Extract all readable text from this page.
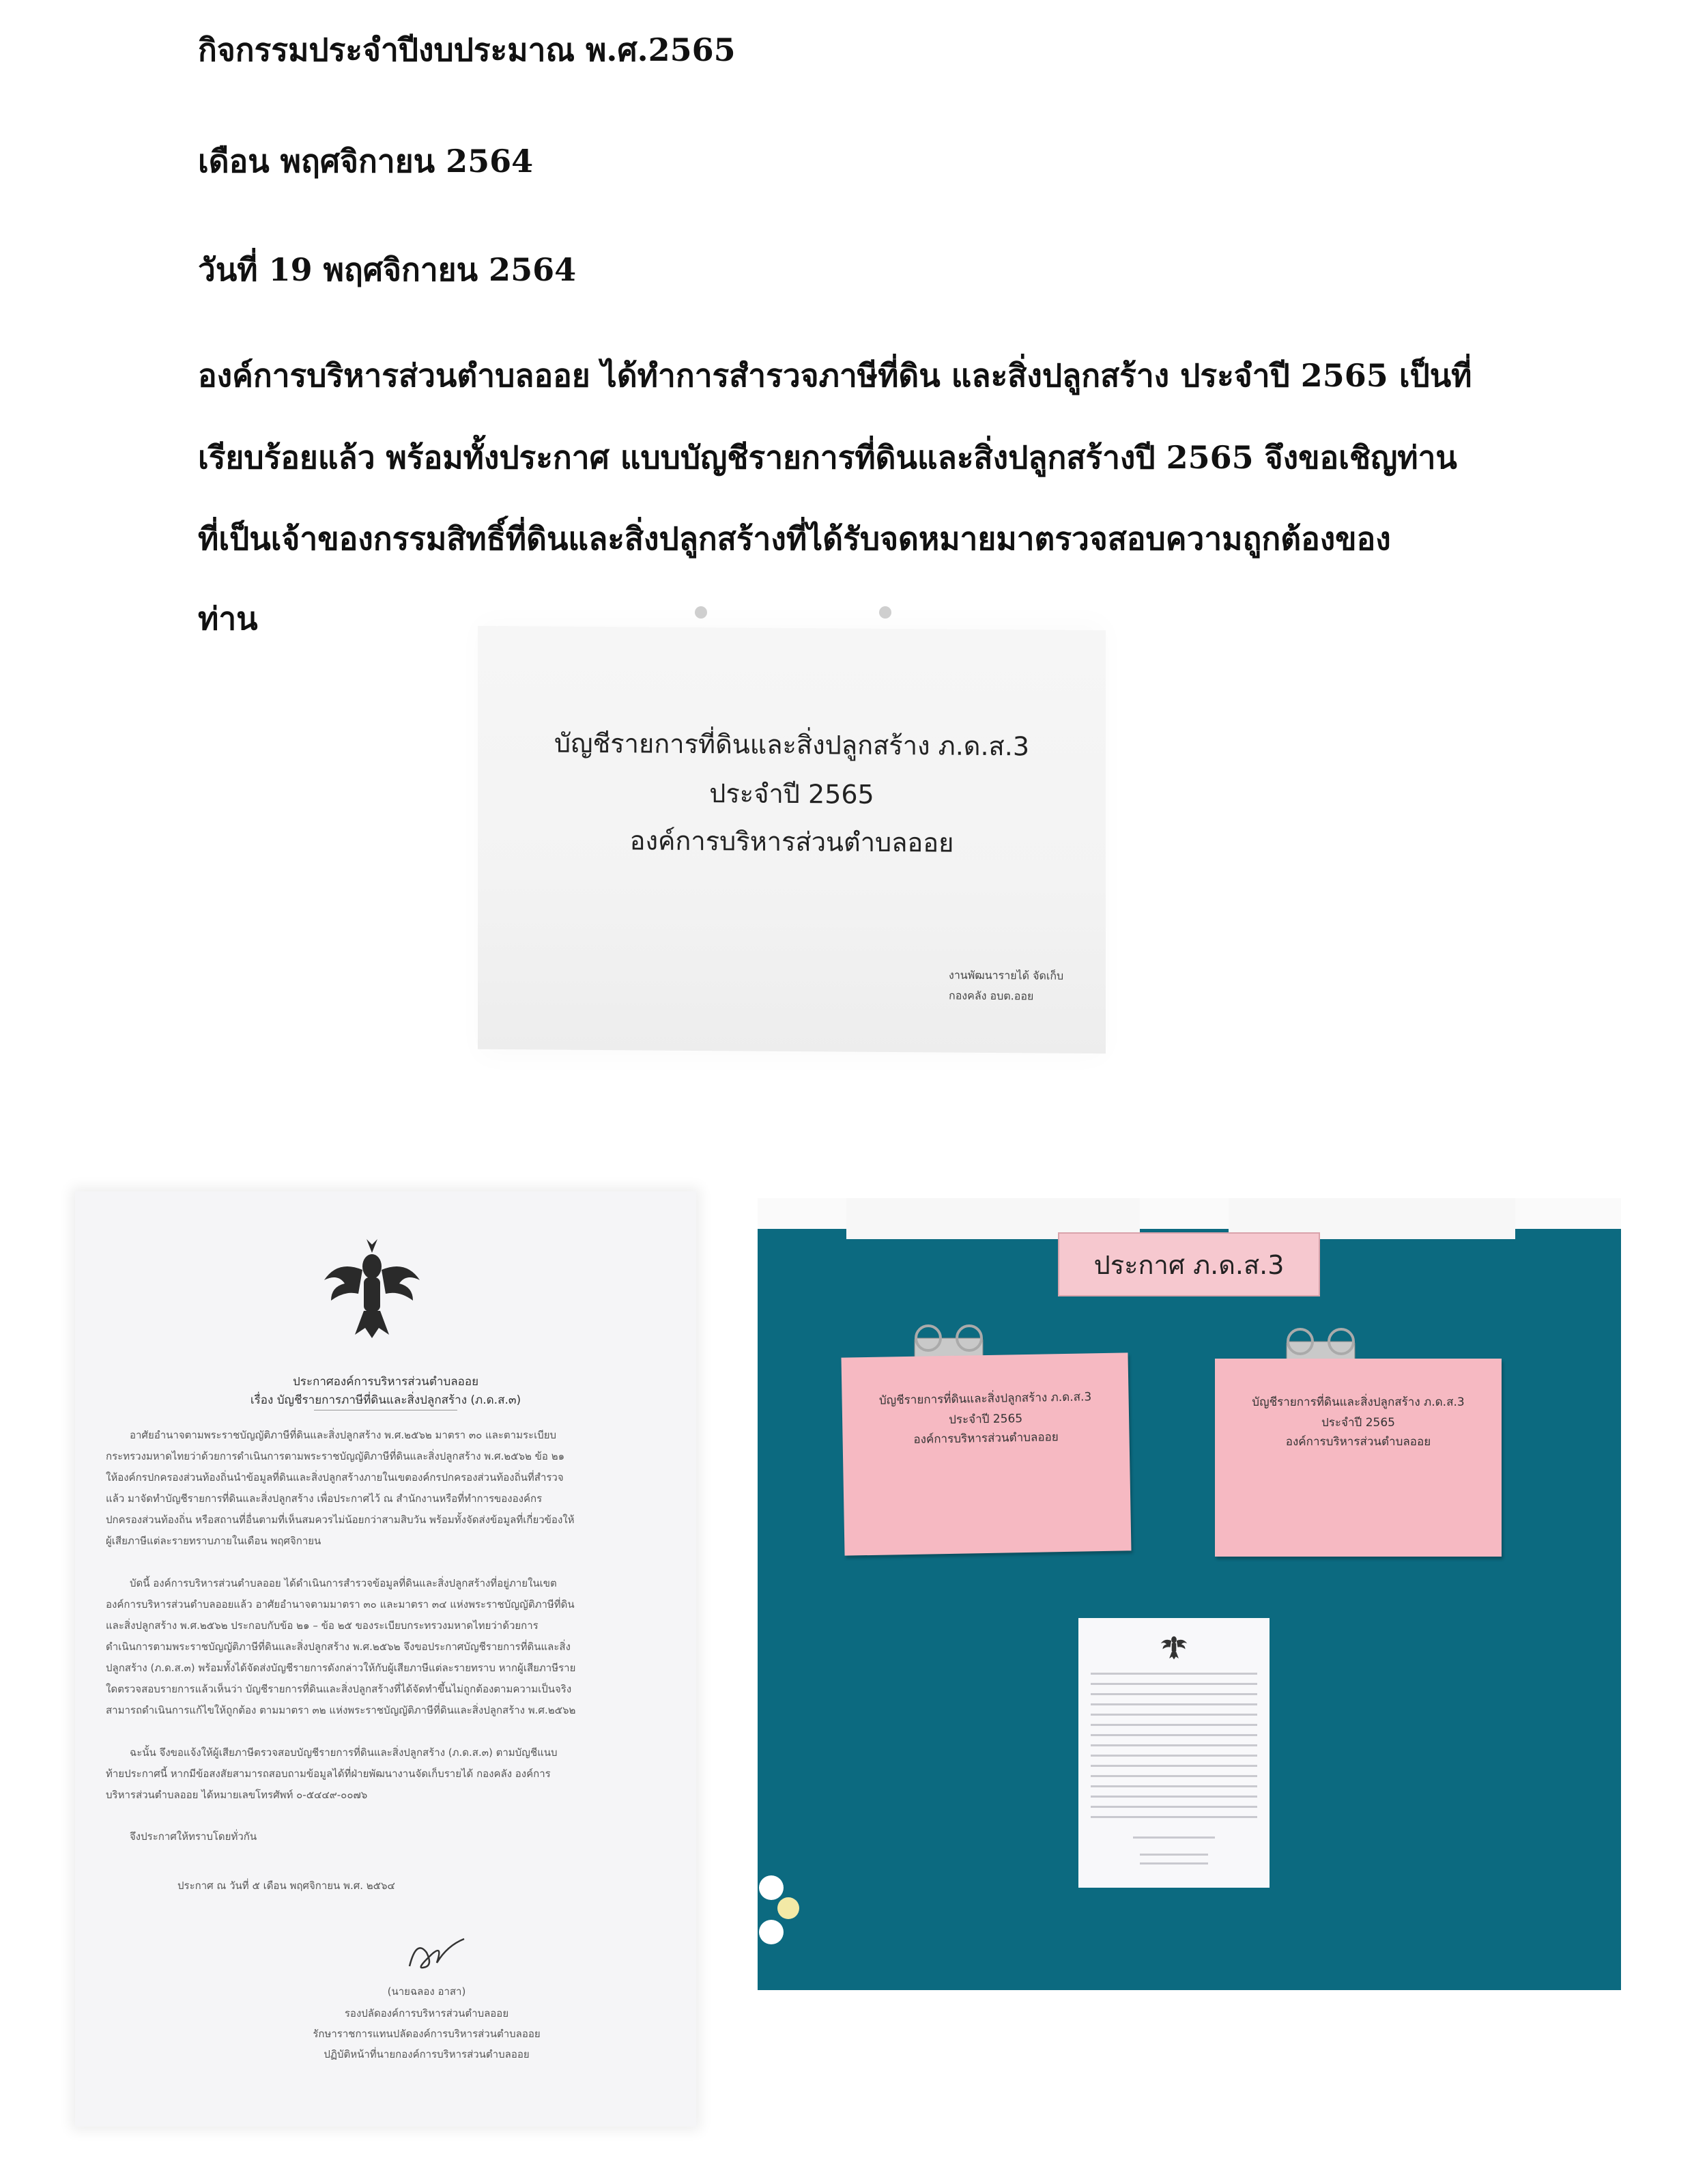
กิจกรรมประจำปีงบประมาณ พ.ศ.2565
เดือน พฤศจิกายน 2564
วันที่ 19 พฤศจิกายน 2564
องค์การบริหารส่วนตำบลออย ได้ทำการสำรวจภาษีที่ดิน และสิ่งปลูกสร้าง ประจำปี 2565 เป็นที่
เรียบร้อยแล้ว พร้อมทั้งประกาศ แบบบัญชีรายการที่ดินและสิ่งปลูกสร้างปี 2565 จึงขอเชิญท่าน
ที่เป็นเจ้าของกรรมสิทธิ์ที่ดินและสิ่งปลูกสร้างที่ได้รับจดหมายมาตรวจสอบความถูกต้องของ
ท่าน
บัญชีรายการที่ดินและสิ่งปลูกสร้าง ภ.ด.ส.3
ประจำปี 2565
องค์การบริหารส่วนตำบลออย
งานพัฒนารายได้ จัดเก็บ
กองคลัง อบต.ออย
ประกาศองค์การบริหารส่วนตำบลออย
เรื่อง บัญชีรายการภาษีที่ดินและสิ่งปลูกสร้าง (ภ.ด.ส.๓)
อาศัยอำนาจตามพระราชบัญญัติภาษีที่ดินและสิ่งปลูกสร้าง พ.ศ.๒๕๖๒ มาตรา ๓๐ และตามระเบียบ
กระทรวงมหาดไทยว่าด้วยการดำเนินการตามพระราชบัญญัติภาษีที่ดินและสิ่งปลูกสร้าง พ.ศ.๒๕๖๒ ข้อ ๒๑
ให้องค์กรปกครองส่วนท้องถิ่นนำข้อมูลที่ดินและสิ่งปลูกสร้างภายในเขตองค์กรปกครองส่วนท้องถิ่นที่สำรวจ
แล้ว มาจัดทำบัญชีรายการที่ดินและสิ่งปลูกสร้าง เพื่อประกาศไว้ ณ สำนักงานหรือที่ทำการขององค์กร
ปกครองส่วนท้องถิ่น หรือสถานที่อื่นตามที่เห็นสมควรไม่น้อยกว่าสามสิบวัน พร้อมทั้งจัดส่งข้อมูลที่เกี่ยวข้องให้
ผู้เสียภาษีแต่ละรายทราบภายในเดือน พฤศจิกายน
บัดนี้ องค์การบริหารส่วนตำบลออย ได้ดำเนินการสำรวจข้อมูลที่ดินและสิ่งปลูกสร้างที่อยู่ภายในเขต
องค์การบริหารส่วนตำบลออยแล้ว อาศัยอำนาจตามมาตรา ๓๐ และมาตรา ๓๔ แห่งพระราชบัญญัติภาษีที่ดิน
และสิ่งปลูกสร้าง พ.ศ.๒๕๖๒ ประกอบกับข้อ ๒๑ – ข้อ ๒๕ ของระเบียบกระทรวงมหาดไทยว่าด้วยการ
ดำเนินการตามพระราชบัญญัติภาษีที่ดินและสิ่งปลูกสร้าง พ.ศ.๒๕๖๒ จึงขอประกาศบัญชีรายการที่ดินและสิ่ง
ปลูกสร้าง (ภ.ด.ส.๓) พร้อมทั้งได้จัดส่งบัญชีรายการดังกล่าวให้กับผู้เสียภาษีแต่ละรายทราบ หากผู้เสียภาษีราย
ใดตรวจสอบรายการแล้วเห็นว่า บัญชีรายการที่ดินและสิ่งปลูกสร้างที่ได้จัดทำขึ้นไม่ถูกต้องตามความเป็นจริง
สามารถดำเนินการแก้ไขให้ถูกต้อง ตามมาตรา ๓๒ แห่งพระราชบัญญัติภาษีที่ดินและสิ่งปลูกสร้าง พ.ศ.๒๕๖๒
ฉะนั้น จึงขอแจ้งให้ผู้เสียภาษีตรวจสอบบัญชีรายการที่ดินและสิ่งปลูกสร้าง (ภ.ด.ส.๓) ตามบัญชีแนบ
ท้ายประกาศนี้ หากมีข้อสงสัยสามารถสอบถามข้อมูลได้ที่ฝ่ายพัฒนางานจัดเก็บรายได้ กองคลัง องค์การ
บริหารส่วนตำบลออย ได้หมายเลขโทรศัพท์ ๐-๕๔๔๙-๐๐๗๖
จึงประกาศให้ทราบโดยทั่วกัน
ประกาศ ณ วันที่ ๕ เดือน พฤศจิกายน พ.ศ. ๒๕๖๔
(นายฉลอง อาสา)
รองปลัดองค์การบริหารส่วนตำบลออย
รักษาราชการแทนปลัดองค์การบริหารส่วนตำบลออย
ปฏิบัติหน้าที่นายกองค์การบริหารส่วนตำบลออย
ประกาศ ภ.ด.ส.3
บัญชีรายการที่ดินและสิ่งปลูกสร้าง ภ.ด.ส.3
ประจำปี 2565
องค์การบริหารส่วนตำบลออย
บัญชีรายการที่ดินและสิ่งปลูกสร้าง ภ.ด.ส.3
ประจำปี 2565
องค์การบริหารส่วนตำบลออย
